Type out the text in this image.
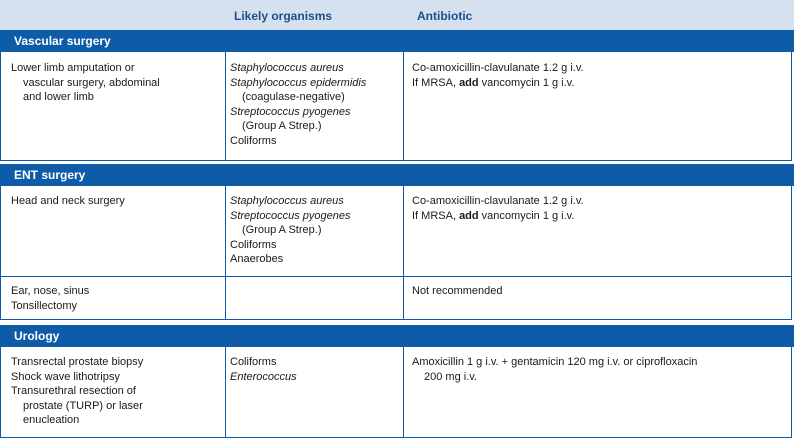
Likely organisms	Antibiotic
Vascular surgery
Lower limb amputation or
vascular surgery, abdominal
and lower limb
Staphylococcus aureus
Staphylococcus epidermidis
(coagulase-negative)
Streptococcus pyogenes
(Group A Strep.)
Coliforms
Co-amoxicillin-clavulanate 1.2 g i.v.
If MRSA, add vancomycin 1 g i.v.
ENT surgery
Head and neck surgery	Staphylococcus aureus
Streptococcus pyogenes
(Group A Strep.)
Coliforms
Anaerobes
Co-amoxicillin-clavulanate 1.2 g i.v.
If MRSA, add vancomycin 1 g i.v.
Ear, nose, sinus
Tonsillectomy
Not recommended
Urology
Transrectal prostate biopsy
Shock wave lithotripsy
Transurethral resection of
prostate (TURP) or laser
enucleation
Coliforms
Enterococcus
Amoxicillin 1 g i.v. + gentamicin 120 mg i.v. or ciprofloxacin
200 mg i.v.
